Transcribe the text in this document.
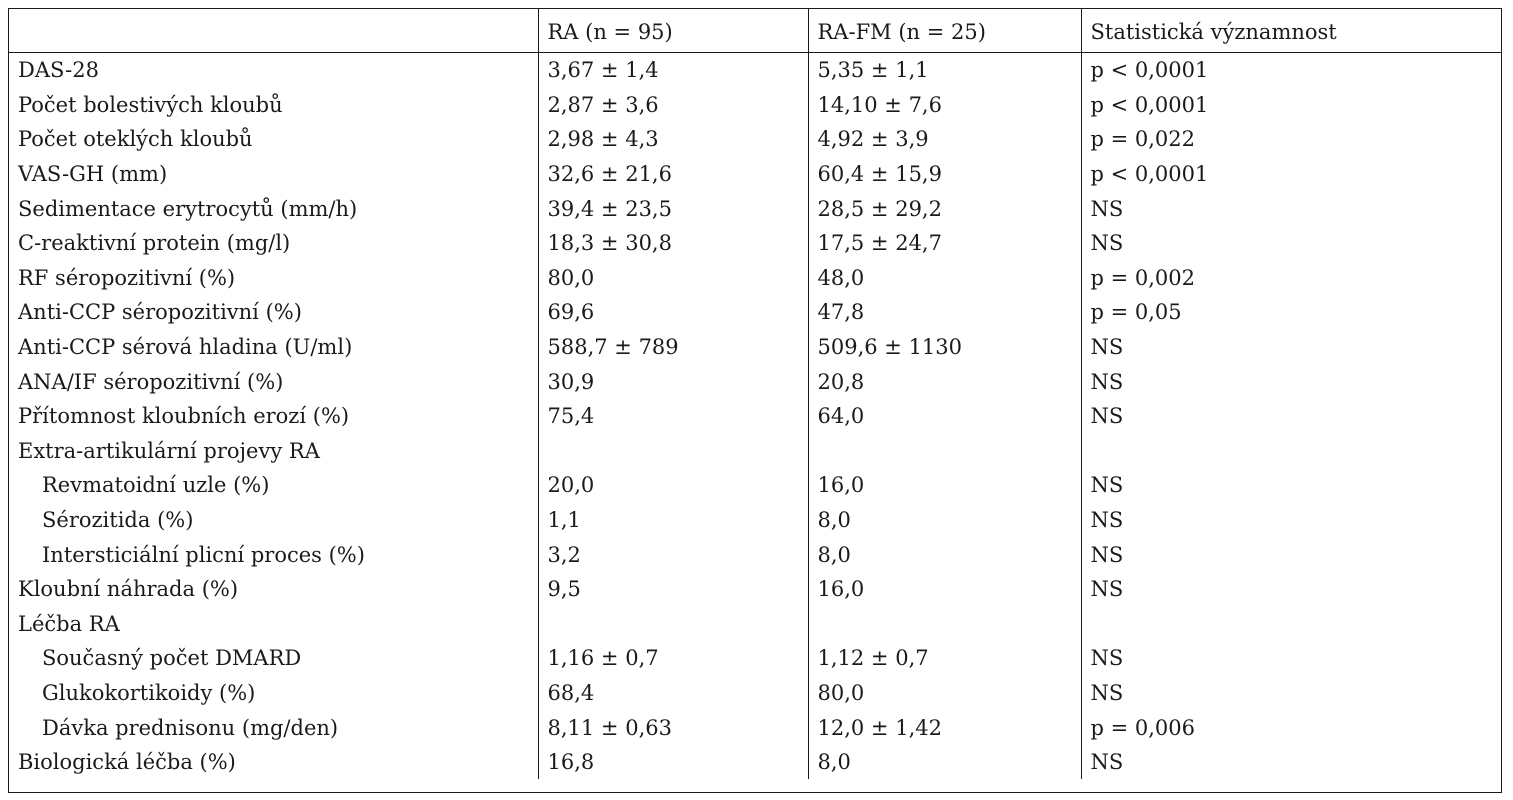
	RA (n = 95)	RA-FM (n = 25)	Statistická významnost
DAS-28	3,67 ± 1,4	5,35 ± 1,1	p < 0,0001
Počet bolestivých kloubů	2,87 ± 3,6	14,10 ± 7,6	p < 0,0001
Počet oteklých kloubů	2,98 ± 4,3	4,92 ± 3,9	p = 0,022
VAS-GH (mm)	32,6 ± 21,6	60,4 ± 15,9	p < 0,0001
Sedimentace erytrocytů (mm/h)	39,4 ± 23,5	28,5 ± 29,2	NS
C-reaktivní protein (mg/l)	18,3 ± 30,8	17,5 ± 24,7	NS
RF séropozitivní (%)	80,0	48,0	p = 0,002
Anti-CCP séropozitivní (%)	69,6	47,8	p = 0,05
Anti-CCP sérová hladina (U/ml)	588,7 ± 789	509,6 ± 1130	NS
ANA/IF séropozitivní (%)	30,9	20,8	NS
Přítomnost kloubních erozí (%)	75,4	64,0	NS
Extra-artikulární projevy RA			
Revmatoidní uzle (%)	20,0	16,0	NS
Sérozitida (%)	1,1	8,0	NS
Intersticiální plicní proces (%)	3,2	8,0	NS
Kloubní náhrada (%)	9,5	16,0	NS
Léčba RA			
Současný počet DMARD	1,16 ± 0,7	1,12 ± 0,7	NS
Glukokortikoidy (%)	68,4	80,0	NS
Dávka prednisonu (mg/den)	8,11 ± 0,63	12,0 ± 1,42	p = 0,006
Biologická léčba (%)	16,8	8,0	NS
